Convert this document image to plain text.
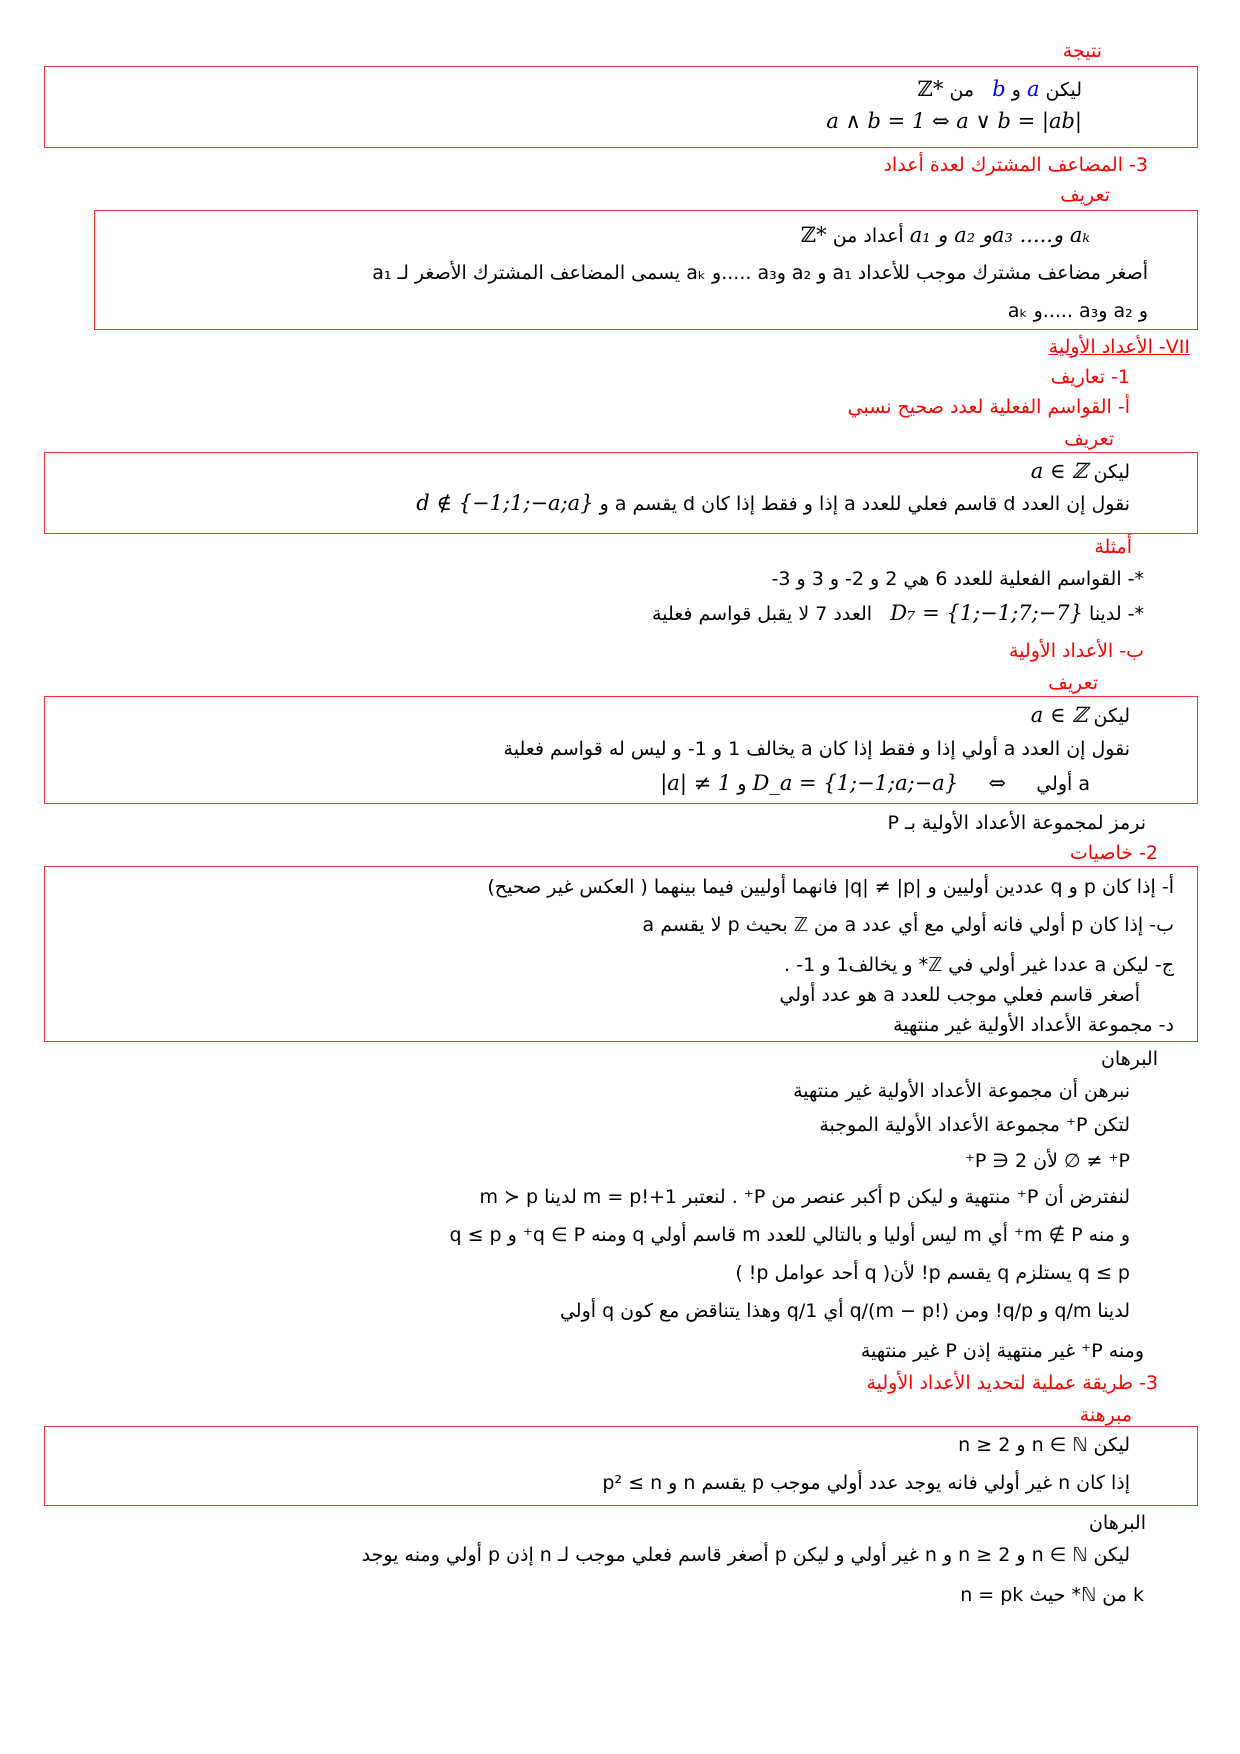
نتيجة
ليكن a و b   من ℤ*
a ∧ b = 1 ⇔ a ∨ b = |ab|
3- المضاعف المشترك لعدة أعداد
تعريف
a₁ و a₂ وa₃ .....و aₖ أعداد من ℤ*
أصغر مضاعف مشترك موجب للأعداد a₁ و a₂ وa₃ .....و aₖ يسمى المضاعف المشترك الأصغر لـ a₁
و a₂ وa₃ .....و aₖ
VII- الأعداد الأولية
1- تعاريف
أ- القواسم الفعلية لعدد صحيح نسبي
تعريف
ليكن a ∈ ℤ
نقول إن العدد d قاسم فعلي للعدد a إذا و فقط إذا كان d يقسم a و d ∉ {−1;1;−a;a}
أمثلة
*- القواسم الفعلية للعدد 6 هي 2 و 2- و 3 و 3-
*- لدينا D₇ = {1;−1;7;−7}   العدد 7 لا يقبل قواسم فعلية
ب- الأعداد الأولية
تعريف
ليكن a ∈ ℤ
نقول إن العدد a أولي إذا و فقط إذا كان a يخالف 1 و 1- و ليس له قواسم فعلية
a أولي     ⇔     D_a = {1;−1;a;−a} و |a| ≠ 1
نرمز لمجموعة الأعداد الأولية بـ P
2- خاصيات
أ- إذا كان p و q عددين أوليين و |q| ≠ |p| فانهما أوليين فيما بينهما ( العكس غير صحيح)
ب- إذا كان p أولي فانه أولي مع أي عدد a من ℤ بحيث p لا يقسم a
ج- ليكن a عددا غير أولي في ℤ* و يخالف1 و 1- .
أصغر قاسم فعلي موجب للعدد a هو عدد أولي
د- مجموعة الأعداد الأولية غير منتهية
البرهان
نبرهن أن مجموعة الأعداد الأولية غير منتهية
لتكن P⁺ مجموعة الأعداد الأولية الموجبة
P⁺ ≠ ∅ لأن 2 ∈ P⁺
لنفترض أن P⁺ منتهية و ليكن p أكبر عنصر من P⁺ . لنعتبر m = p!+1 لدينا m ≻ p
و منه m ∉ P⁺ أي m ليس أوليا و بالتالي للعدد m قاسم أولي q ومنه q ∈ P⁺ و q ≤ p
q ≤ p يستلزم q يقسم p! لأن( q أحد عوامل p! )
لدينا q/m و q/p! ومن q/(m − p!) أي q/1 وهذا يتناقض مع كون q أولي
ومنه P⁺ غير منتهية إذن P غير منتهية
3- طريقة عملية لتحديد الأعداد الأولية
مبرهنة
ليكن n ∈ ℕ و n ≥ 2
إذا كان n غير أولي فانه يوجد عدد أولي موجب p يقسم n و p² ≤ n
البرهان
ليكن n ∈ ℕ و n ≥ 2 و n غير أولي و ليكن p أصغر قاسم فعلي موجب لـ n إذن p أولي ومنه يوجد
k من ℕ* حيث n = pk
